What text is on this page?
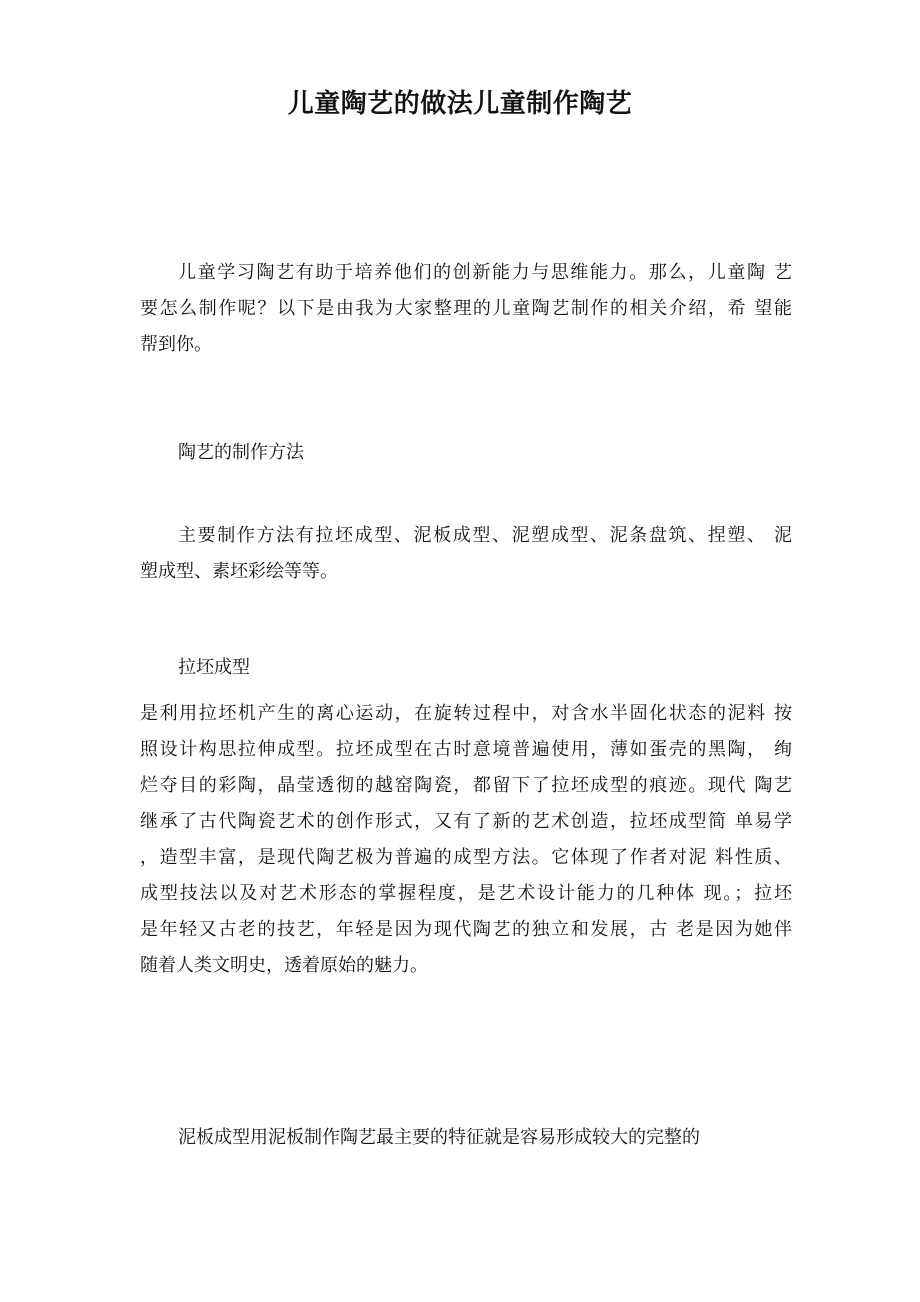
儿童陶艺的做法儿童制作陶艺
儿童学习陶艺有助于培养他们的创新能力与思维能力。那么，儿童陶 艺
要怎么制作呢？以下是由我为大家整理的儿童陶艺制作的相关介绍，希 望能
帮到你。
陶艺的制作方法
主要制作方法有拉坯成型、泥板成型、泥塑成型、泥条盘筑、捏塑、 泥
塑成型、素坯彩绘等等。
拉坯成型
是利用拉坯机产生的离心运动，在旋转过程中，对含水半固化状态的泥料 按
照设计构思拉伸成型。拉坯成型在古时意境普遍使用，薄如蛋壳的黑陶， 绚
烂夺目的彩陶，晶莹透彻的越窑陶瓷，都留下了拉坯成型的痕迹。现代 陶艺
继承了古代陶瓷艺术的创作形式，又有了新的艺术创造，拉坯成型简 单易学
，造型丰富，是现代陶艺极为普遍的成型方法。它体现了作者对泥 料性质、
成型技法以及对艺术形态的掌握程度，是艺术设计能力的几种体 现。；拉坯
是年轻又古老的技艺，年轻是因为现代陶艺的独立和发展，古 老是因为她伴
随着人类文明史，透着原始的魅力。
泥板成型用泥板制作陶艺最主要的特征就是容易形成较大的完整的
